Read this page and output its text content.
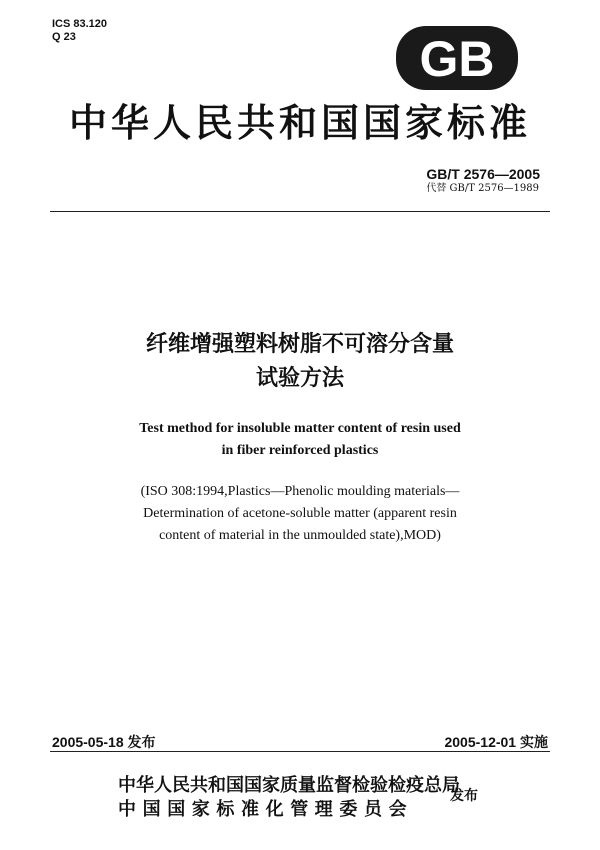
ICS 83.120
Q 23	GB
中华人民共和国国家标准
GB/T 2576—2005
代替 GB/T 2576—1989
纤维增强塑料树脂不可溶分含量
试验方法
Test method for insoluble matter content of resin used
in fiber reinforced plastics
(ISO 308:1994,Plastics—Phenolic moulding materials—
Determination of acetone-soluble matter (apparent resin
content of material in the unmoulded state),MOD)
2005-05-18 发布	2005-12-01 实施
中华人民共和国国家质量监督检验检疫总局
中国国家标准化管理委员会
发布
